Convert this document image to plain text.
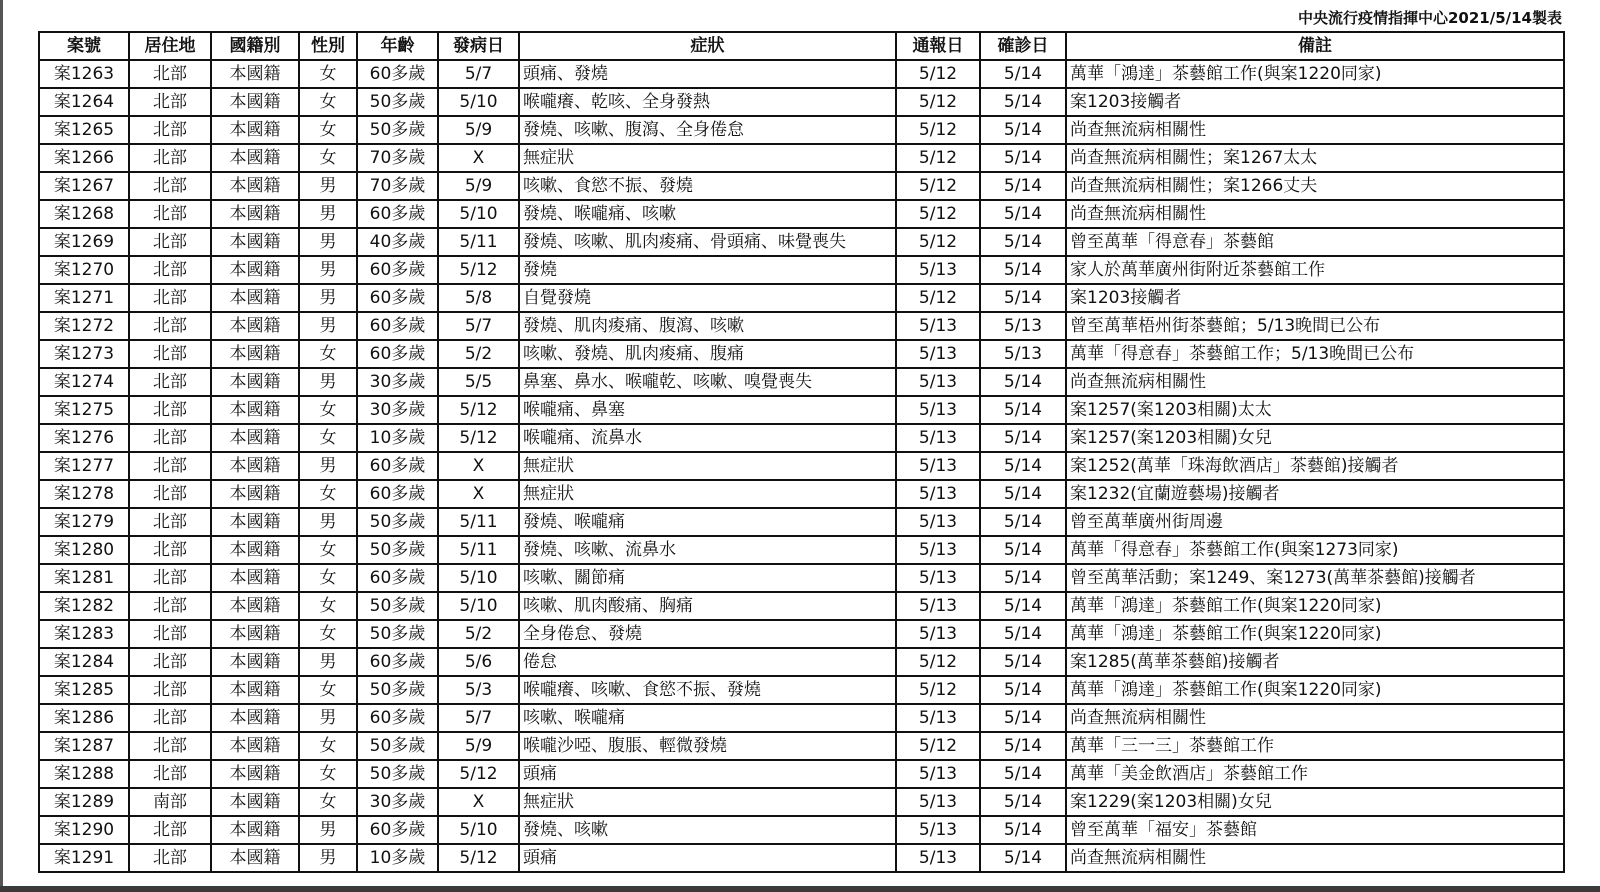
中央流行疫情指揮中心2021/5/14製表
案號	居住地	國籍別	性別	年齡	發病日	症狀	通報日	確診日	備註
案1263	北部	本國籍	女	60多歲	5/7	頭痛、發燒	5/12	5/14	萬華「鴻達」茶藝館工作(與案1220同家)
案1264	北部	本國籍	女	50多歲	5/10	喉嚨癢、乾咳、全身發熱	5/12	5/14	案1203接觸者
案1265	北部	本國籍	女	50多歲	5/9	發燒、咳嗽、腹瀉、全身倦怠	5/12	5/14	尚查無流病相關性
案1266	北部	本國籍	女	70多歲	X	無症狀	5/12	5/14	尚查無流病相關性；案1267太太
案1267	北部	本國籍	男	70多歲	5/9	咳嗽、食慾不振、發燒	5/12	5/14	尚查無流病相關性；案1266丈夫
案1268	北部	本國籍	男	60多歲	5/10	發燒、喉嚨痛、咳嗽	5/12	5/14	尚查無流病相關性
案1269	北部	本國籍	男	40多歲	5/11	發燒、咳嗽、肌肉痠痛、骨頭痛、味覺喪失	5/12	5/14	曾至萬華「得意春」茶藝館
案1270	北部	本國籍	男	60多歲	5/12	發燒	5/13	5/14	家人於萬華廣州街附近茶藝館工作
案1271	北部	本國籍	男	60多歲	5/8	自覺發燒	5/12	5/14	案1203接觸者
案1272	北部	本國籍	男	60多歲	5/7	發燒、肌肉痠痛、腹瀉、咳嗽	5/13	5/13	曾至萬華梧州街茶藝館；5/13晚間已公布
案1273	北部	本國籍	女	60多歲	5/2	咳嗽、發燒、肌肉痠痛、腹痛	5/13	5/13	萬華「得意春」茶藝館工作；5/13晚間已公布
案1274	北部	本國籍	男	30多歲	5/5	鼻塞、鼻水、喉嚨乾、咳嗽、嗅覺喪失	5/13	5/14	尚查無流病相關性
案1275	北部	本國籍	女	30多歲	5/12	喉嚨痛、鼻塞	5/13	5/14	案1257(案1203相關)太太
案1276	北部	本國籍	女	10多歲	5/12	喉嚨痛、流鼻水	5/13	5/14	案1257(案1203相關)女兒
案1277	北部	本國籍	男	60多歲	X	無症狀	5/13	5/14	案1252(萬華「珠海飲酒店」茶藝館)接觸者
案1278	北部	本國籍	女	60多歲	X	無症狀	5/13	5/14	案1232(宜蘭遊藝場)接觸者
案1279	北部	本國籍	男	50多歲	5/11	發燒、喉嚨痛	5/13	5/14	曾至萬華廣州街周邊
案1280	北部	本國籍	女	50多歲	5/11	發燒、咳嗽、流鼻水	5/13	5/14	萬華「得意春」茶藝館工作(與案1273同家)
案1281	北部	本國籍	女	60多歲	5/10	咳嗽、關節痛	5/13	5/14	曾至萬華活動；案1249、案1273(萬華茶藝館)接觸者
案1282	北部	本國籍	女	50多歲	5/10	咳嗽、肌肉酸痛、胸痛	5/13	5/14	萬華「鴻達」茶藝館工作(與案1220同家)
案1283	北部	本國籍	女	50多歲	5/2	全身倦怠、發燒	5/13	5/14	萬華「鴻達」茶藝館工作(與案1220同家)
案1284	北部	本國籍	男	60多歲	5/6	倦怠	5/12	5/14	案1285(萬華茶藝館)接觸者
案1285	北部	本國籍	女	50多歲	5/3	喉嚨癢、咳嗽、食慾不振、發燒	5/12	5/14	萬華「鴻達」茶藝館工作(與案1220同家)
案1286	北部	本國籍	男	60多歲	5/7	咳嗽、喉嚨痛	5/13	5/14	尚查無流病相關性
案1287	北部	本國籍	女	50多歲	5/9	喉嚨沙啞、腹脹、輕微發燒	5/12	5/14	萬華「三一三」茶藝館工作
案1288	北部	本國籍	女	50多歲	5/12	頭痛	5/13	5/14	萬華「美金飲酒店」茶藝館工作
案1289	南部	本國籍	女	30多歲	X	無症狀	5/13	5/14	案1229(案1203相關)女兒
案1290	北部	本國籍	男	60多歲	5/10	發燒、咳嗽	5/13	5/14	曾至萬華「福安」茶藝館
案1291	北部	本國籍	男	10多歲	5/12	頭痛	5/13	5/14	尚查無流病相關性
